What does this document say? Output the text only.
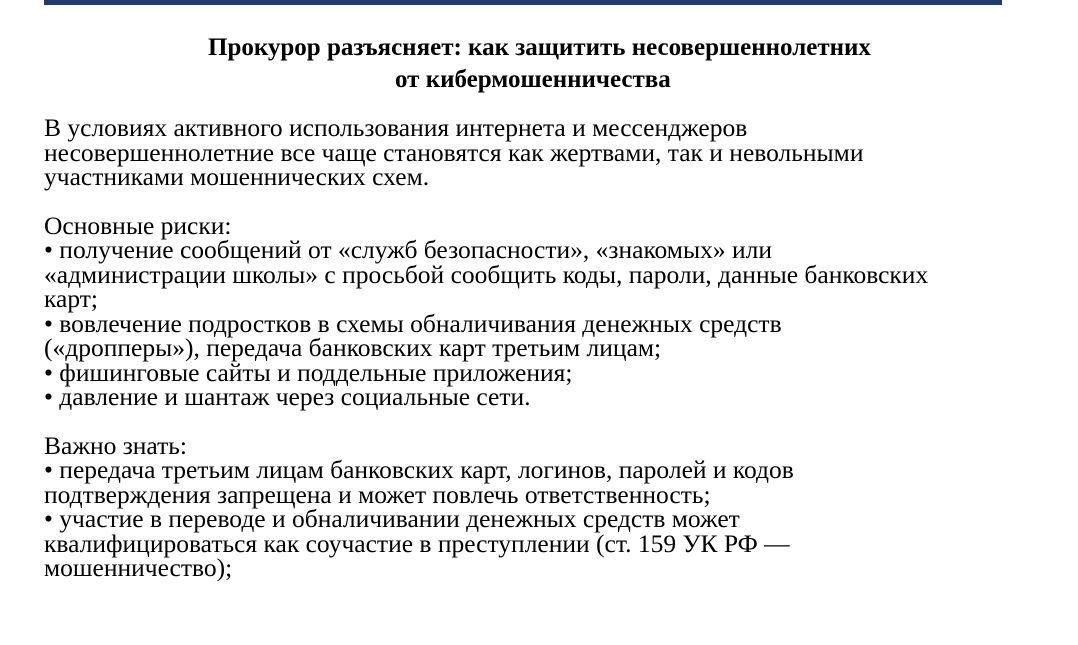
Прокурор разъясняет: как защитить несовершеннолетних
от кибермошенничества
В условиях активного использования интернета и мессенджеров
несовершеннолетние все чаще становятся как жертвами, так и невольными
участниками мошеннических схем.
Основные риски:
• получение сообщений от «служб безопасности», «знакомых» или
«администрации школы» с просьбой сообщить коды, пароли, данные банковских
карт;
• вовлечение подростков в схемы обналичивания денежных средств
(«дропперы»), передача банковских карт третьим лицам;
• фишинговые сайты и поддельные приложения;
• давление и шантаж через социальные сети.
Важно знать:
• передача третьим лицам банковских карт, логинов, паролей и кодов
подтверждения запрещена и может повлечь ответственность;
• участие в переводе и обналичивании денежных средств может
квалифицироваться как соучастие в преступлении (ст. 159 УК РФ —
мошенничество);
